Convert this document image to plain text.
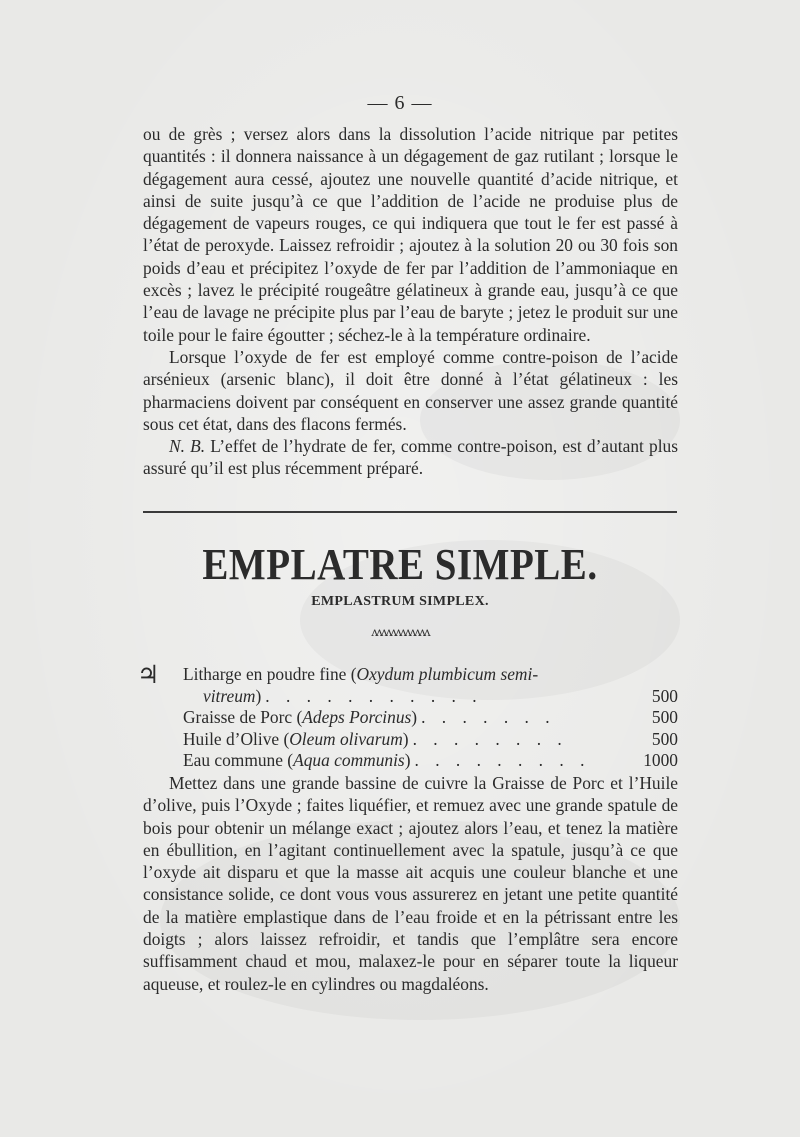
— 6 —

ou de grès ; versez alors dans la dissolution l’acide nitrique par petites quantités : il donnera naissance à un dégagement de gaz rutilant ; lorsque le dégagement aura cessé, ajoutez une nouvelle quantité d’acide nitrique, et ainsi de suite jusqu’à ce que l’addition de l’acide ne produise plus de dégagement de vapeurs rouges, ce qui indiquera que tout le fer est passé à l’état de peroxyde. Laissez refroidir ; ajoutez à la solution 20 ou 30 fois son poids d’eau et précipitez l’oxyde de fer par l’addition de l’ammoniaque en excès ; lavez le précipité rougeâtre gélatineux à grande eau, jusqu’à ce que l’eau de lavage ne précipite plus par l’eau de baryte ; jetez le produit sur une toile pour le faire égoutter ; séchez-le à la température ordinaire.

Lorsque l’oxyde de fer est employé comme contre-poison de l’acide arsénieux (arsenic blanc), il doit être donné à l’état gélatineux : les pharmaciens doivent par conséquent en conserver une assez grande quantité sous cet état, dans des flacons fermés.

N. B. L’effet de l’hydrate de fer, comme contre-poison, est d’autant plus assuré qu’il est plus récemment préparé.

EMPLATRE SIMPLE.
EMPLASTRUM SIMPLEX.
ʌʌʌʌʌʌʌʌʌʌʌʌ
♃ Litharge en poudre fine (Oxydum plumbicum semi-
vitreum) . . . . . . . . . . .	500
Graisse de Porc (Adeps Porcinus) . . . . . . .	500
Huile d’Olive (Oleum olivarum) . . . . . . . .	500
Eau commune (Aqua communis) . . . . . . . . .	1000

Mettez dans une grande bassine de cuivre la Graisse de Porc et l’Huile d’olive, puis l’Oxyde ; faites liquéfier, et remuez avec une grande spatule de bois pour obtenir un mélange exact ; ajoutez alors l’eau, et tenez la matière en ébullition, en l’agitant continuellement avec la spatule, jusqu’à ce que l’oxyde ait disparu et que la masse ait acquis une couleur blanche et une consistance solide, ce dont vous vous assurerez en jetant une petite quantité de la matière emplastique dans de l’eau froide et en la pétrissant entre les doigts ; alors laissez refroidir, et tandis que l’emplâtre sera encore suffisamment chaud et mou, malaxez-le pour en séparer toute la liqueur aqueuse, et roulez-le en cylindres ou magdaléons.
